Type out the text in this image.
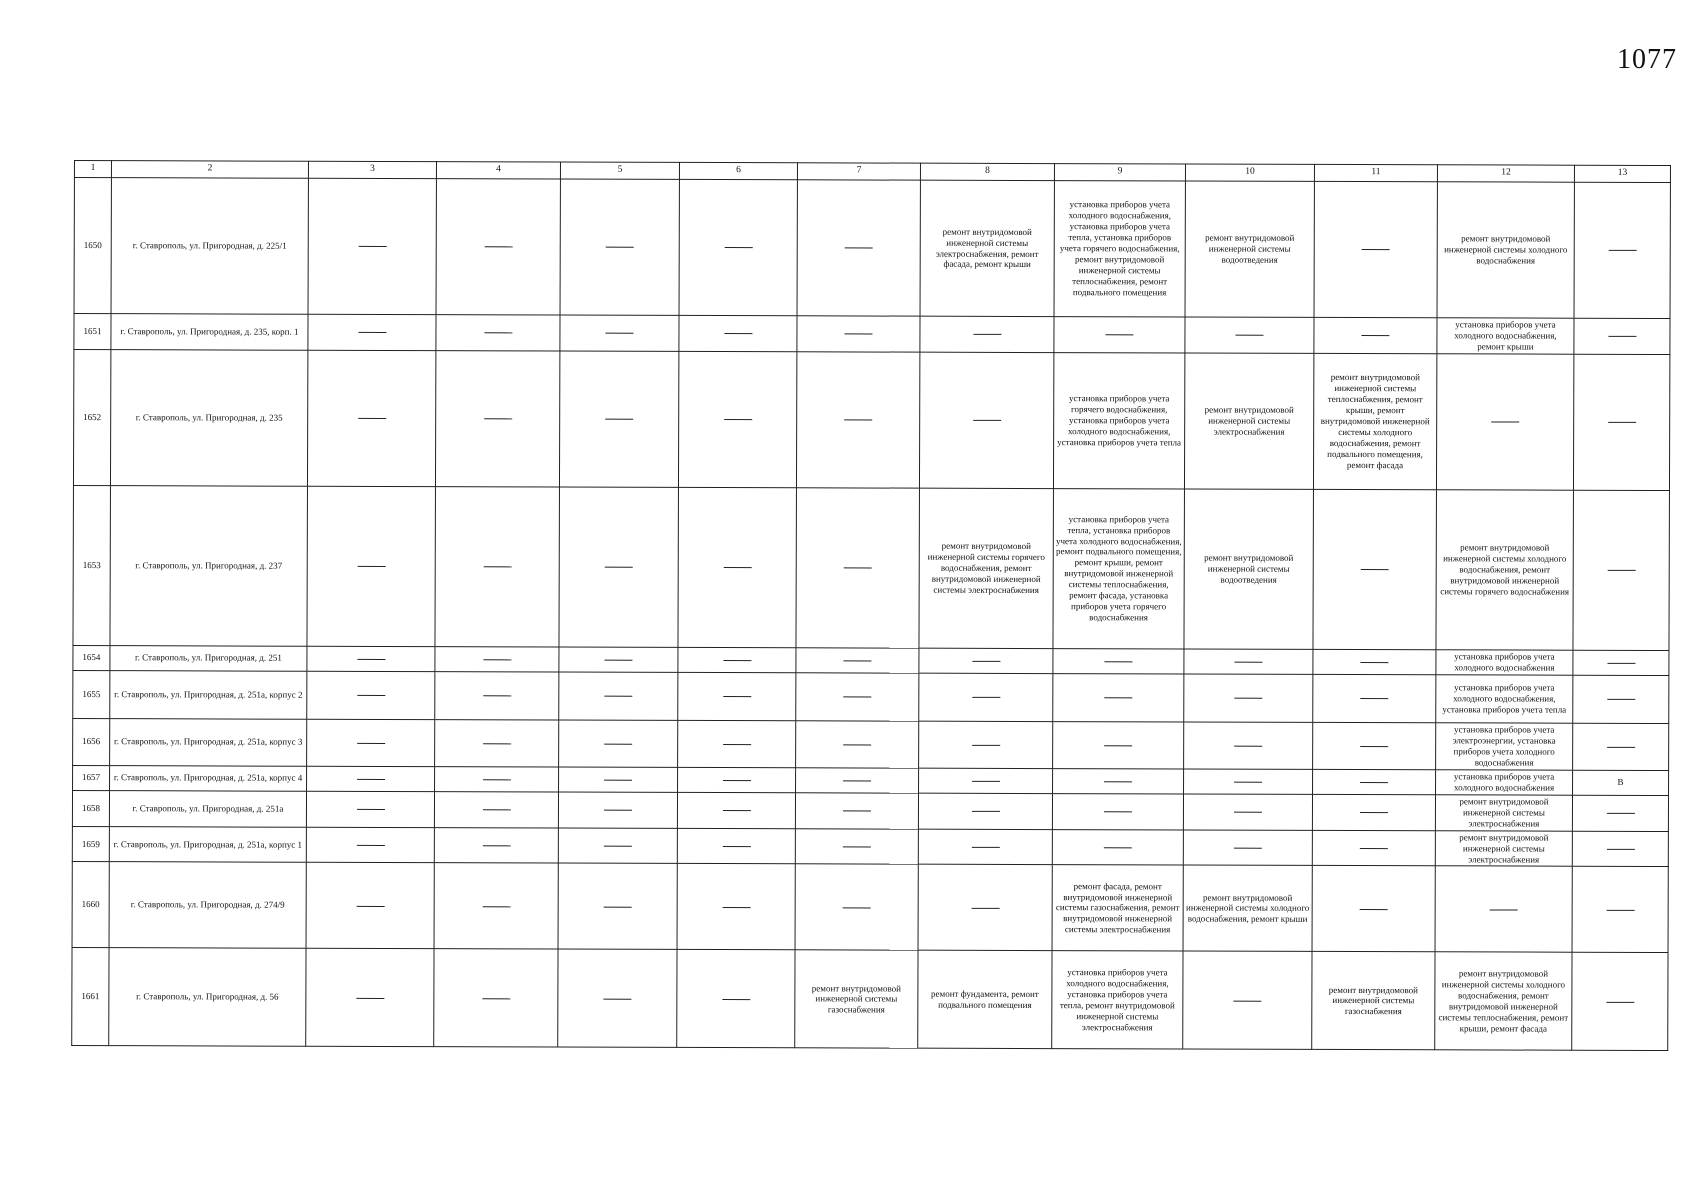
1077
1	2	3	4	5	6	7	8	9	10	11	12	13
1650	г. Ставрополь, ул. Пригородная, д. 225/1						ремонт внутридомовой инженерной системы электроснабжения, ремонт фасада, ремонт крыши	установка приборов учета холодного водоснабжения, установка приборов учета тепла, установка приборов учета горячего водоснабжения, ремонт внутридомовой инженерной системы теплоснабжения, ремонт подвального помещения	ремонт внутридомовой инженерной системы водоотведения		ремонт внутридомовой инженерной системы холодного водоснабжения	
1651	г. Ставрополь, ул. Пригородная, д. 235, корп. 1										установка приборов учета холодного водоснабжения, ремонт крыши	
1652	г. Ставрополь, ул. Пригородная, д. 235							установка приборов учета горячего водоснабжения, установка приборов учета холодного водоснабжения, установка приборов учета тепла	ремонт внутридомовой инженерной системы электроснабжения	ремонт внутридомовой инженерной системы теплоснабжения, ремонт крыши, ремонт внутридомовой инженерной системы холодного водоснабжения, ремонт подвального помещения, ремонт фасада		
1653	г. Ставрополь, ул. Пригородная, д. 237						ремонт внутридомовой инженерной системы горячего водоснабжения, ремонт внутридомовой инженерной системы электроснабжения	установка приборов учета тепла, установка приборов учета холодного водоснабжения, ремонт подвального помещения, ремонт крыши, ремонт внутридомовой инженерной системы теплоснабжения, ремонт фасада, установка приборов учета горячего водоснабжения	ремонт внутридомовой инженерной системы водоотведения		ремонт внутридомовой инженерной системы холодного водоснабжения, ремонт внутридомовой инженерной системы горячего водоснабжения	
1654	г. Ставрополь, ул. Пригородная, д. 251										установка приборов учета холодного водоснабжения	
1655	г. Ставрополь, ул. Пригородная, д. 251а, корпус 2										установка приборов учета холодного водоснабжения, установка приборов учета тепла	
1656	г. Ставрополь, ул. Пригородная, д. 251а, корпус 3										установка приборов учета электроэнергии, установка приборов учета холодного водоснабжения	
1657	г. Ставрополь, ул. Пригородная, д. 251а, корпус 4										установка приборов учета холодного водоснабжения	В
1658	г. Ставрополь, ул. Пригородная, д. 251а										ремонт внутридомовой инженерной системы электроснабжения	
1659	г. Ставрополь, ул. Пригородная, д. 251а, корпус 1										ремонт внутридомовой инженерной системы электроснабжения	
1660	г. Ставрополь, ул. Пригородная, д. 274/9							ремонт фасада, ремонт внутридомовой инженерной системы газоснабжения, ремонт внутридомовой инженерной системы электроснабжения	ремонт внутридомовой инженерной системы холодного водоснабжения, ремонт крыши			
1661	г. Ставрополь, ул. Пригородная, д. 56					ремонт внутридомовой инженерной системы газоснабжения	ремонт фундамента, ремонт подвального помещения	установка приборов учета холодного водоснабжения, установка приборов учета тепла, ремонт внутридомовой инженерной системы электроснабжения		ремонт внутридомовой инженерной системы газоснабжения	ремонт внутридомовой инженерной системы холодного водоснабжения, ремонт внутридомовой инженерной системы теплоснабжения, ремонт крыши, ремонт фасада	
